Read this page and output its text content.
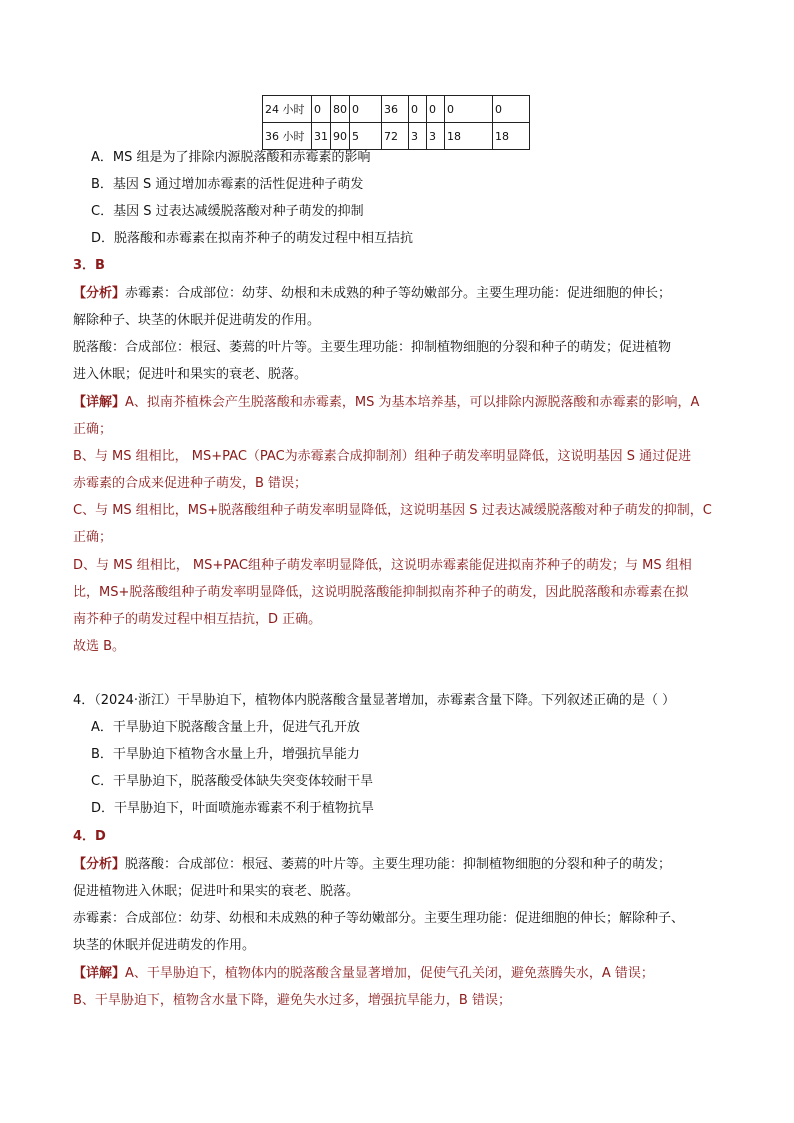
24 小时	0	80	0	36	0	0	0	0
36 小时	31	90	5	72	3	3	18	18
A．MS 组是为了排除内源脱落酸和赤霉素的影响
B．基因 S 通过增加赤霉素的活性促进种子萌发
C．基因 S 过表达减缓脱落酸对种子萌发的抑制
D．脱落酸和赤霉素在拟南芥种子的萌发过程中相互拮抗
3．B
【分析】赤霉素：合成部位：幼芽、幼根和未成熟的种子等幼嫩部分。主要生理功能：促进细胞的伸长；
解除种子、块茎的休眠并促进萌发的作用。
脱落酸：合成部位：根冠、萎蔫的叶片等。主要生理功能：抑制植物细胞的分裂和种子的萌发；促进植物
进入休眠；促进叶和果实的衰老、脱落。
【详解】A、拟南芥植株会产生脱落酸和赤霉素，MS 为基本培养基，可以排除内源脱落酸和赤霉素的影响，A
正确；
B、与 MS 组相比， MS+PAC（PAC为赤霉素合成抑制剂）组种子萌发率明显降低，这说明基因 S 通过促进
赤霉素的合成来促进种子萌发，B 错误；
C、与 MS 组相比，MS+脱落酸组种子萌发率明显降低，这说明基因 S 过表达减缓脱落酸对种子萌发的抑制，C
正确；
D、与 MS 组相比， MS+PAC组种子萌发率明显降低，这说明赤霉素能促进拟南芥种子的萌发；与 MS 组相
比，MS+脱落酸组种子萌发率明显降低，这说明脱落酸能抑制拟南芥种子的萌发，因此脱落酸和赤霉素在拟
南芥种子的萌发过程中相互拮抗，D 正确。
故选 B。
4．（2024·浙江）干旱胁迫下，植物体内脱落酸含量显著增加，赤霉素含量下降。下列叙述正确的是（ ）
A．干旱胁迫下脱落酸含量上升，促进气孔开放
B．干旱胁迫下植物含水量上升，增强抗旱能力
C．干旱胁迫下，脱落酸受体缺失突变体较耐干旱
D．干旱胁迫下，叶面喷施赤霉素不利于植物抗旱
4．D
【分析】脱落酸：合成部位：根冠、萎蔫的叶片等。主要生理功能：抑制植物细胞的分裂和种子的萌发；
促进植物进入休眠；促进叶和果实的衰老、脱落。
赤霉素：合成部位：幼芽、幼根和未成熟的种子等幼嫩部分。主要生理功能：促进细胞的伸长；解除种子、
块茎的休眠并促进萌发的作用。
【详解】A、干旱胁迫下，植物体内的脱落酸含量显著增加，促使气孔关闭，避免蒸腾失水，A 错误；
B、干旱胁迫下，植物含水量下降，避免失水过多，增强抗旱能力，B 错误；
